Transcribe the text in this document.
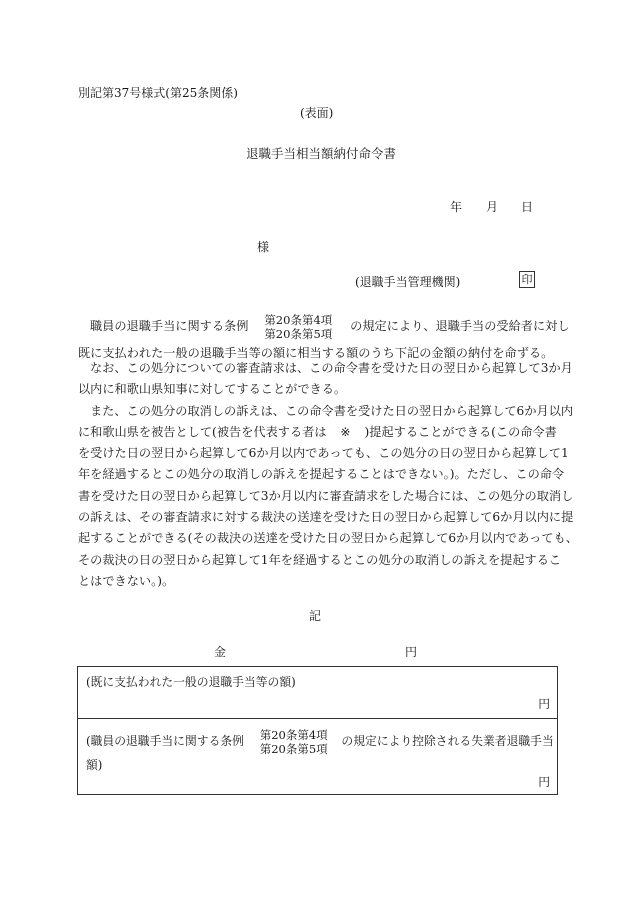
別記第37号様式(第25条関係)
(表面)
退職手当相当額納付命令書
年 月 日
様
(退職手当管理機関)	印

職員の退職手当に関する条例 第20条第4項
第20条第5項
の規定により、退職手当の受給者に対し

既に支払われた一般の退職手当等の額に相当する額のうち下記の金額の納付を命ずる。

なお、この処分についての審査請求は、この命令書を受けた日の翌日から起算して3か月

以内に和歌山県知事に対してすることができる。

また、この処分の取消しの訴えは、この命令書を受けた日の翌日から起算して6か月以内

に和歌山県を被告として(被告を代表する者は ※ )提起することができる(この命令書

を受けた日の翌日から起算して6か月以内であっても、この処分の日の翌日から起算して1

年を経過するとこの処分の取消しの訴えを提起することはできない。)。ただし、この命令

書を受けた日の翌日から起算して3か月以内に審査請求をした場合には、この処分の取消し

の訴えは、その審査請求に対する裁決の送達を受けた日の翌日から起算して6か月以内に提

起することができる(その裁決の送達を受けた日の翌日から起算して6か月以内であっても、

その裁決の日の翌日から起算して1年を経過するとこの処分の取消しの訴えを提起するこ

とはできない。)。

記
金	円
(既に支払われた一般の退職手当等の額)
円
(職員の退職手当に関する条例 第20条第4項
第20条第5項
の規定により控除される失業者退職手当
額)
円
